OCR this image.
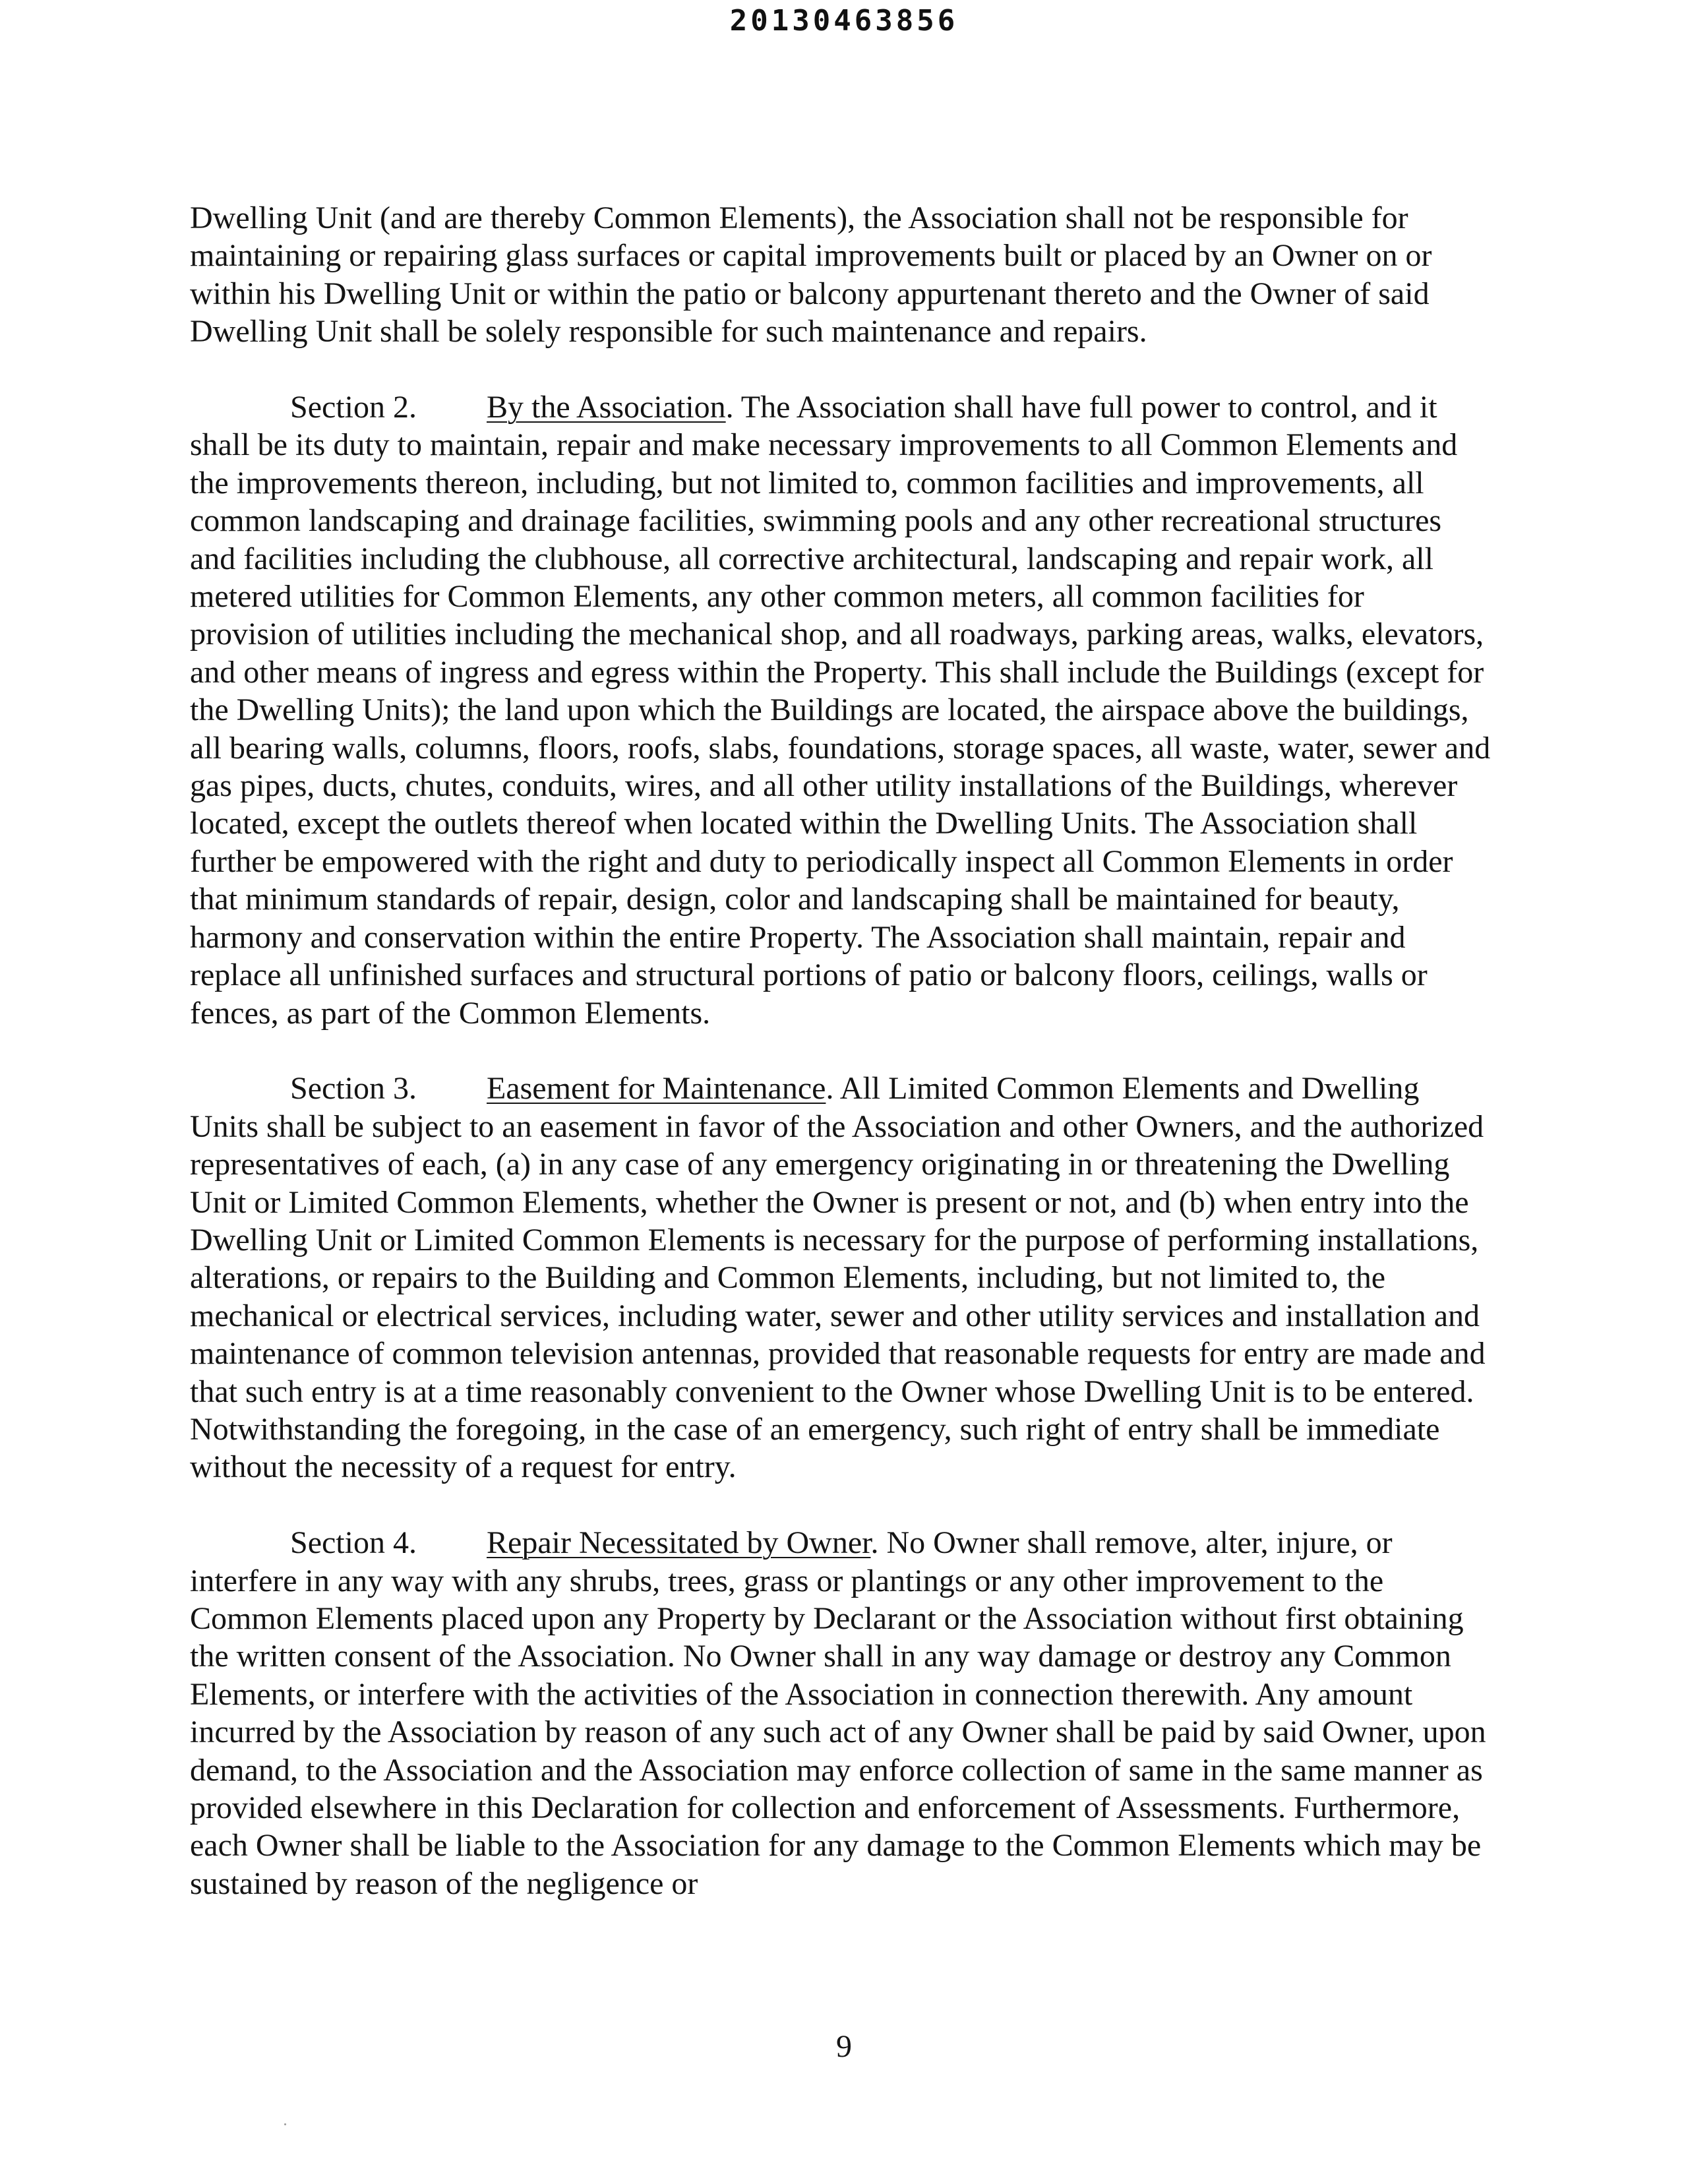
20130463856

Dwelling Unit (and are thereby Common Elements), the Association shall not be responsible for maintaining or repairing glass surfaces or capital improvements built or placed by an Owner on or within his Dwelling Unit or within the patio or balcony appurtenant thereto and the Owner of said Dwelling Unit shall be solely responsible for such maintenance and repairs.

Section 2. By the Association. The Association shall have full power to control, and it shall be its duty to maintain, repair and make necessary improvements to all Common Elements and the improvements thereon, including, but not limited to, common facilities and improvements, all common landscaping and drainage facilities, swimming pools and any other recreational structures and facilities including the clubhouse, all corrective architectural, landscaping and repair work, all metered utilities for Common Elements, any other common meters, all common facilities for provision of utilities including the mechanical shop, and all roadways, parking areas, walks, elevators, and other means of ingress and egress within the Property. This shall include the Buildings (except for the Dwelling Units); the land upon which the Buildings are located, the airspace above the buildings, all bearing walls, columns, floors, roofs, slabs, foundations, storage spaces, all waste, water, sewer and gas pipes, ducts, chutes, conduits, wires, and all other utility installations of the Buildings, wherever located, except the outlets thereof when located within the Dwelling Units. The Association shall further be empowered with the right and duty to periodically inspect all Common Elements in order that minimum standards of repair, design, color and landscaping shall be maintained for beauty, harmony and conservation within the entire Property. The Association shall maintain, repair and replace all unfinished surfaces and structural portions of patio or balcony floors, ceilings, walls or fences, as part of the Common Elements.

Section 3. Easement for Maintenance. All Limited Common Elements and Dwelling Units shall be subject to an easement in favor of the Association and other Owners, and the authorized representatives of each, (a) in any case of any emergency originating in or threatening the Dwelling Unit or Limited Common Elements, whether the Owner is present or not, and (b) when entry into the Dwelling Unit or Limited Common Elements is necessary for the purpose of performing installations, alterations, or repairs to the Building and Common Elements, including, but not limited to, the mechanical or electrical services, including water, sewer and other utility services and installation and maintenance of common television antennas, provided that reasonable requests for entry are made and that such entry is at a time reasonably convenient to the Owner whose Dwelling Unit is to be entered. Notwithstanding the foregoing, in the case of an emergency, such right of entry shall be immediate without the necessity of a request for entry.

Section 4. Repair Necessitated by Owner. No Owner shall remove, alter, injure, or interfere in any way with any shrubs, trees, grass or plantings or any other improvement to the Common Elements placed upon any Property by Declarant or the Association without first obtaining the written consent of the Association. No Owner shall in any way damage or destroy any Common Elements, or interfere with the activities of the Association in connection therewith. Any amount incurred by the Association by reason of any such act of any Owner shall be paid by said Owner, upon demand, to the Association and the Association may enforce collection of same in the same manner as provided elsewhere in this Declaration for collection and enforcement of Assessments. Furthermore, each Owner shall be liable to the Association for any damage to the Common Elements which may be sustained by reason of the negligence or

9
